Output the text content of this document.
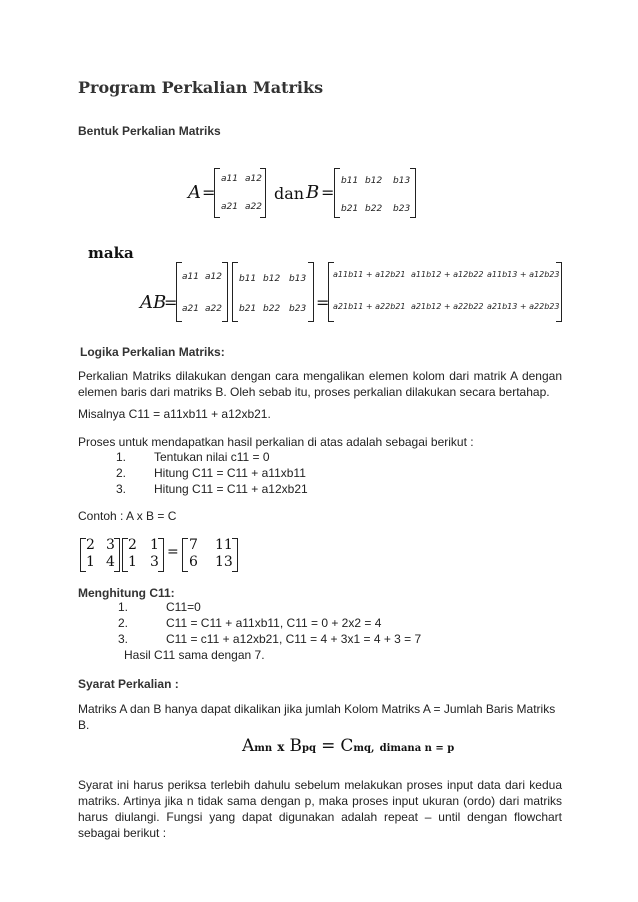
Program Perkalian Matriks
Bentuk Perkalian Matriks
A =
a11 a12
a21 a22
dan B =
b11 b12 b13
b21 b22 b23
maka
AB
=
a11 a12
a21 a22
b11 b12 b13
b21 b22 b23 =
a11b11 + a12b21 a11b12 + a12b22 a11b13 + a12b23
a21b11 + a22b21 a21b12 + a22b22 a21b13 + a22b23
Logika Perkalian Matriks:
Perkalian Matriks dilakukan dengan cara mengalikan elemen kolom dari matrik A dengan elemen baris dari matriks B. Oleh sebab itu, proses perkalian dilakukan secara bertahap.
Misalnya C11 = a11xb11 + a12xb21.
Proses untuk mendapatkan hasil perkalian di atas adalah sebagai berikut :
1. Tentukan nilai c11 = 0
2. Hitung C11 = C11 + a11xb11
3. Hitung C11 = C11 + a12xb21
Contoh : A x B = C
2 3
1 4
2 1
1 3
= 7 11
6 13
Menghitung C11:
1.	C11=0
2.	C11 = C11 + a11xb11, C11 = 0 + 2x2 = 4
3.	C11 = c11 + a12xb21, C11 = 4 + 3x1 = 4 + 3 = 7
Hasil C11 sama dengan 7.
Syarat Perkalian :
Matriks A dan B hanya dapat dikalikan jika jumlah Kolom Matriks A = Jumlah Baris Matriks B.
Amn x Bpq = Cmq, dimana n = p
Syarat ini harus periksa terlebih dahulu sebelum melakukan proses input data dari kedua matriks. Artinya jika n tidak sama dengan p, maka proses input ukuran (ordo) dari matriks harus diulangi. Fungsi yang dapat digunakan adalah repeat – until dengan flowchart sebagai berikut :
